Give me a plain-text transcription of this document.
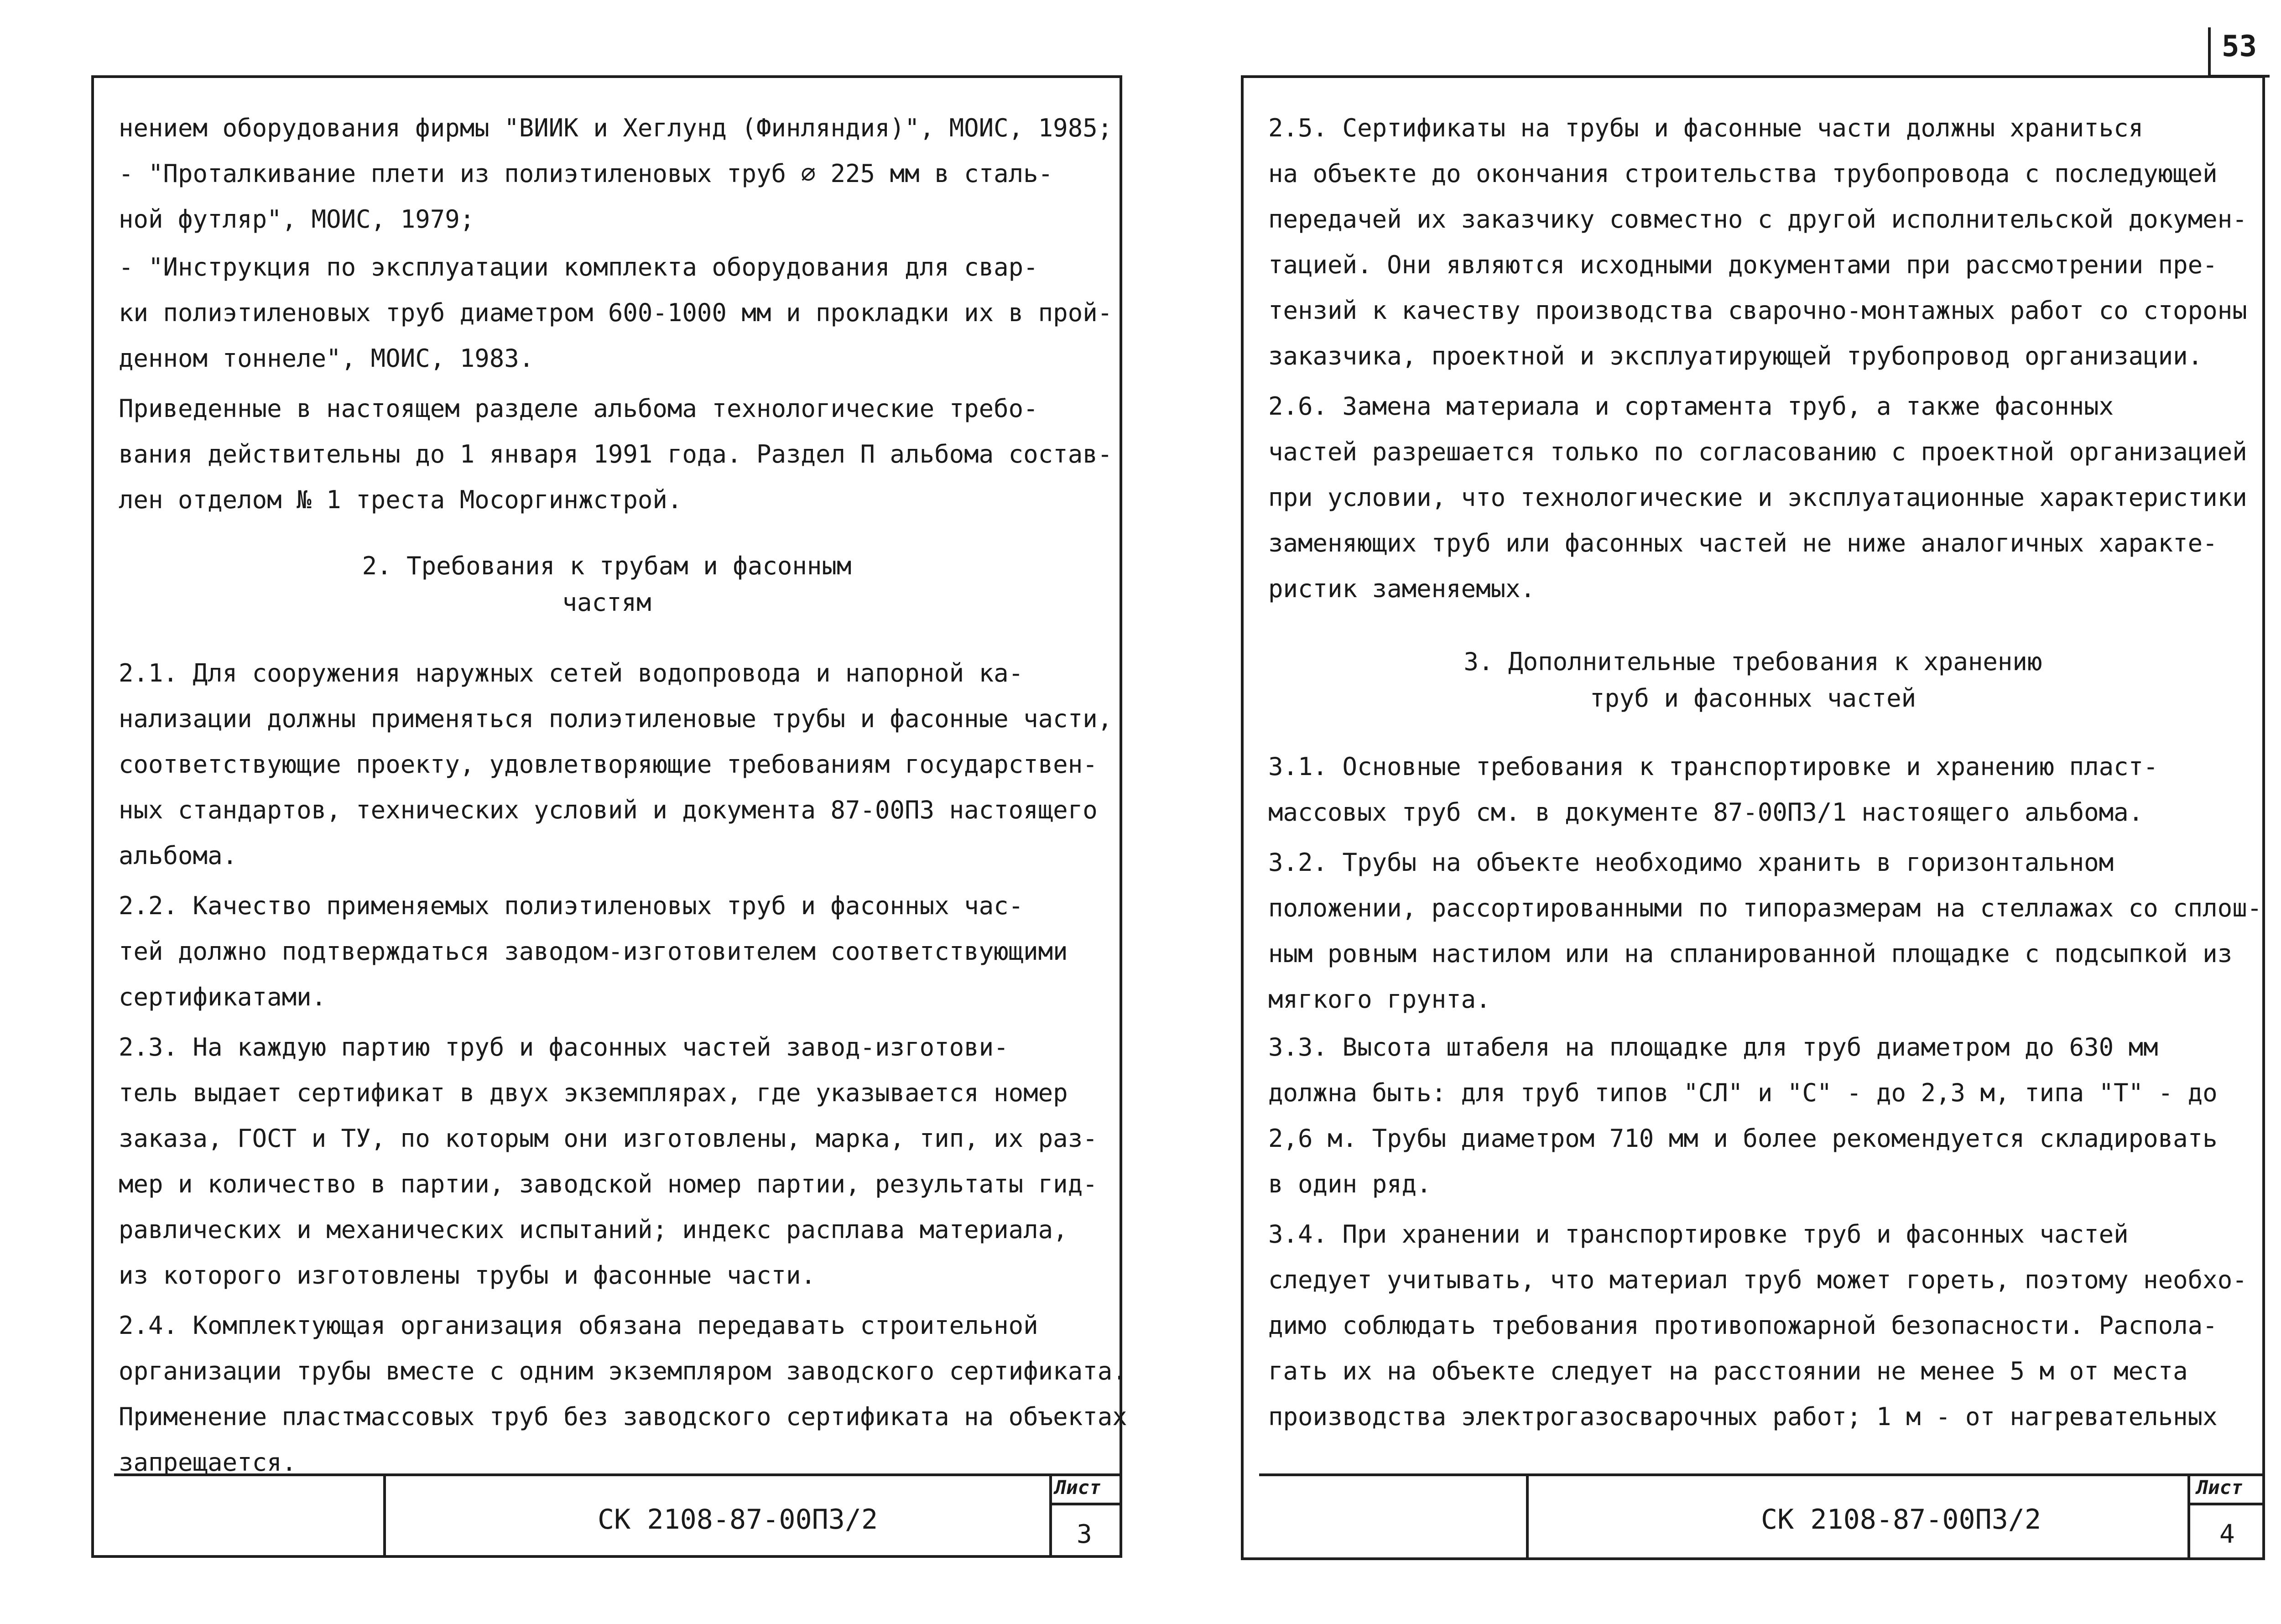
нением оборудования фирмы "ВИИК и Хеглунд (Финляндия)", МОИС, 1985;
- "Проталкивание плети из полиэтиленовых труб ∅ 225 мм в сталь-
ной футляр", МОИС, 1979;
- "Инструкция по эксплуатации комплекта оборудования для свар-
ки полиэтиленовых труб диаметром 600-1000 мм и прокладки их в прой-
денном тоннеле", МОИС, 1983.
Приведенные в настоящем разделе альбома технологические требо-
вания действительны до 1 января 1991 года. Раздел П альбома состав-
лен отделом № 1 треста Мосоргинжстрой.
2.1. Для сооружения наружных сетей водопровода и напорной ка-
нализации должны применяться полиэтиленовые трубы и фасонные части,
соответствующие проекту, удовлетворяющие требованиям государствен-
ных стандартов, технических условий и документа 87-00ПЗ настоящего
альбома.
2.2. Качество применяемых полиэтиленовых труб и фасонных час-
тей должно подтверждаться заводом-изготовителем соответствующими
сертификатами.
2.3. На каждую партию труб и фасонных частей завод-изготови-
тель выдает сертификат в двух экземплярах, где указывается номер
заказа, ГОСТ и ТУ, по которым они изготовлены, марка, тип, их раз-
мер и количество в партии, заводской номер партии, результаты гид-
равлических и механических испытаний; индекс расплава материала,
из которого изготовлены трубы и фасонные части.
2.4. Комплектующая организация обязана передавать строительной
организации трубы вместе с одним экземпляром заводского сертификата.
Применение пластмассовых труб без заводского сертификата на объектах
запрещается.
2. Требования к трубам и фасонным
частям
СК 2108-87-00ПЗ/2
Лист
3
53
2.5. Сертификаты на трубы и фасонные части должны храниться
на объекте до окончания строительства трубопровода с последующей
передачей их заказчику совместно с другой исполнительской докумен-
тацией. Они являются исходными документами при рассмотрении пре-
тензий к качеству производства сварочно-монтажных работ со стороны
заказчика, проектной и эксплуатирующей трубопровод организации.
2.6. Замена материала и сортамента труб, а также фасонных
частей разрешается только по согласованию с проектной организацией
при условии, что технологические и эксплуатационные характеристики
заменяющих труб или фасонных частей не ниже аналогичных характе-
ристик заменяемых.
3.1. Основные требования к транспортировке и хранению пласт-
массовых труб см. в документе 87-00ПЗ/1 настоящего альбома.
3.2. Трубы на объекте необходимо хранить в горизонтальном
положении, рассортированными по типоразмерам на стеллажах со сплош-
ным ровным настилом или на спланированной площадке с подсыпкой из
мягкого грунта.
3.3. Высота штабеля на площадке для труб диаметром до 630 мм
должна быть: для труб типов "СЛ" и "С" - до 2,3 м, типа "Т" - до
2,6 м. Трубы диаметром 710 мм и более рекомендуется складировать
в один ряд.
3.4. При хранении и транспортировке труб и фасонных частей
следует учитывать, что материал труб может гореть, поэтому необхо-
димо соблюдать требования противопожарной безопасности. Распола-
гать их на объекте следует на расстоянии не менее 5 м от места
производства электрогазосварочных работ; 1 м - от нагревательных
3. Дополнительные требования к хранению
труб и фасонных частей
СК 2108-87-00ПЗ/2
Лист
4
